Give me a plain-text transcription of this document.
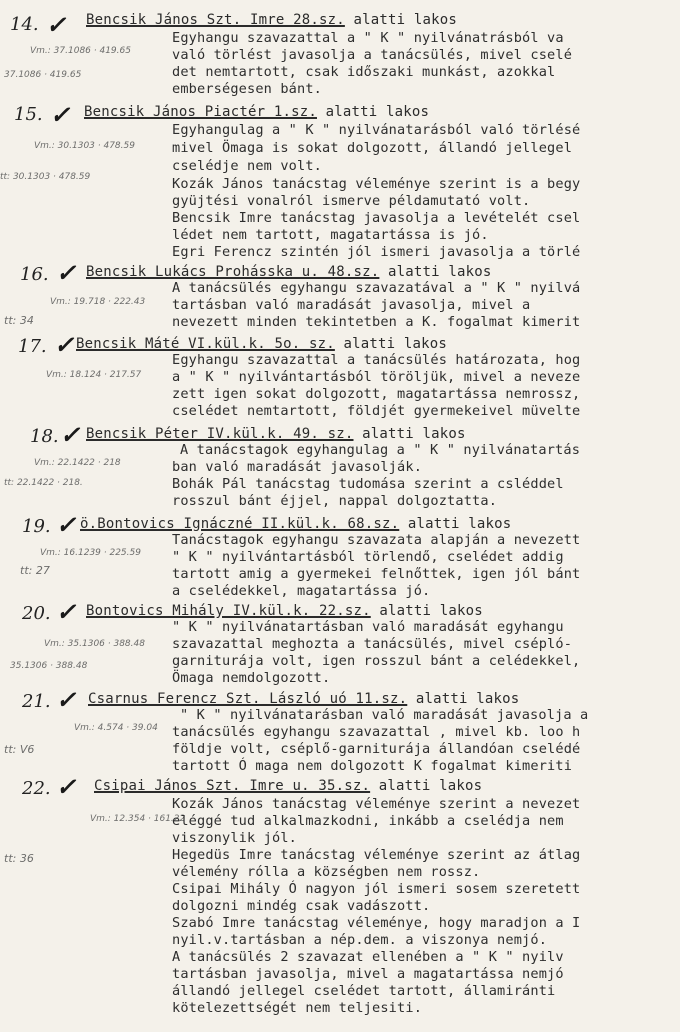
14. ✓ Bencsik János Szt. Imre 28.sz. alatti lakos
Vm.: 37.1086 · 419.65
37.1086 · 419.65
Egyhangu szavazattal a " K " nyilvánatrásból va
való törlést javasolja a tanácsülés, mivel cselé
det nemtartott, csak időszaki munkást, azokkal
emberségesen bánt.
15. ✓ Bencsik János Piactér 1.sz. alatti lakos
Vm.: 30.1303 · 478.59
tt: 30.1303 · 478.59
Egyhangulag a " K " nyilvánatarásból való törlésé
mivel Ömaga is sokat dolgozott, állandó jellegel
cselédje nem volt.
Kozák János tanácstag véleménye szerint is a begy
gyüjtési vonalról ismerve példamutató volt.
Bencsik Imre tanácstag javasolja a levételét csel
lédet nem tartott, magatartássa is jó.
Egri Ferencz szintén jól ismeri javasolja a törlé
16. ✓ Bencsik Lukács Prohásska u. 48.sz. alatti lakos
Vm.: 19.718 · 222.43
tt: 34
A tanácsülés egyhangu szavazatával a " K " nyilvá
tartásban való maradását javasolja, mivel a
nevezett minden tekintetben a K. fogalmat kimerit
17. ✓ Bencsik Máté VI.kül.k. 5o. sz. alatti lakos
Vm.: 18.124 · 217.57
Egyhangu szavazattal a tanácsülés határozata, hog
a " K " nyilvántartásból töröljük, mivel a neveze
zett igen sokat dolgozott, magatartássa nemrossz,
cselédet nemtartott, földjét gyermekeivel müvelte
18. ✓ Bencsik Péter IV.kül.k. 49. sz. alatti lakos
Vm.: 22.1422 · 218
tt: 22.1422 · 218.
A tanácstagok egyhangulag a " K " nyilvánatartás
ban való maradását javasolják.
Bohák Pál tanácstag tudomása szerint a csléddel
rosszul bánt éjjel, nappal dolgoztatta.
19. ✓ ö.Bontovics Ignáczné II.kül.k. 68.sz. alatti lakos
Vm.: 16.1239 · 225.59
tt: 27
Tanácstagok egyhangu szavazata alapján a nevezett
" K " nyilvántartásból törlendő, cselédet addig
tartott amig a gyermekei felnőttek, igen jól bánt
a cselédekkel, magatartássa jó.
20. ✓ Bontovics Mihály IV.kül.k. 22.sz. alatti lakos
Vm.: 35.1306 · 388.48
35.1306 · 388.48
" K " nyilvánatartásban való maradását egyhangu
szavazattal meghozta a tanácsülés, mivel csépló-
garniturája volt, igen rosszul bánt a celédekkel,
Ömaga nemdolgozott.
21. ✓ Csarnus Ferencz Szt. László uó 11.sz. alatti lakos
Vm.: 4.574 · 39.04
tt: V6
" K " nyilvánatarásban való maradását javasolja a
tanácsülés egyhangu szavazattal , mivel kb. loo h
földje volt, cséplő-garniturája állandóan cselédé
tartott Ó maga nem dolgozott K fogalmat kimeriti
22. ✓ Csipai János Szt. Imre u. 35.sz. alatti lakos
Vm.: 12.354 · 161.22
tt: 36
Kozák János tanácstag véleménye szerint a nevezet
eléggé tud alkalmazkodni, inkább a cselédja nem
viszonylik jól.
Hegedüs Imre tanácstag véleménye szerint az átlag
vélemény rólla a községben nem rossz.
Csipai Mihály Ó nagyon jól ismeri sosem szeretett
dolgozni mindég csak vadászott.
Szabó Imre tanácstag véleménye, hogy maradjon a I
nyil.v.tartásban a nép.dem. a viszonya nemjó.
A tanácsülés 2 szavazat ellenében a " K " nyilv
tartásban javasolja, mivel a magatartássa nemjó
állandó jellegel cselédet tartott, államiránti
kötelezettségét nem teljesiti.
